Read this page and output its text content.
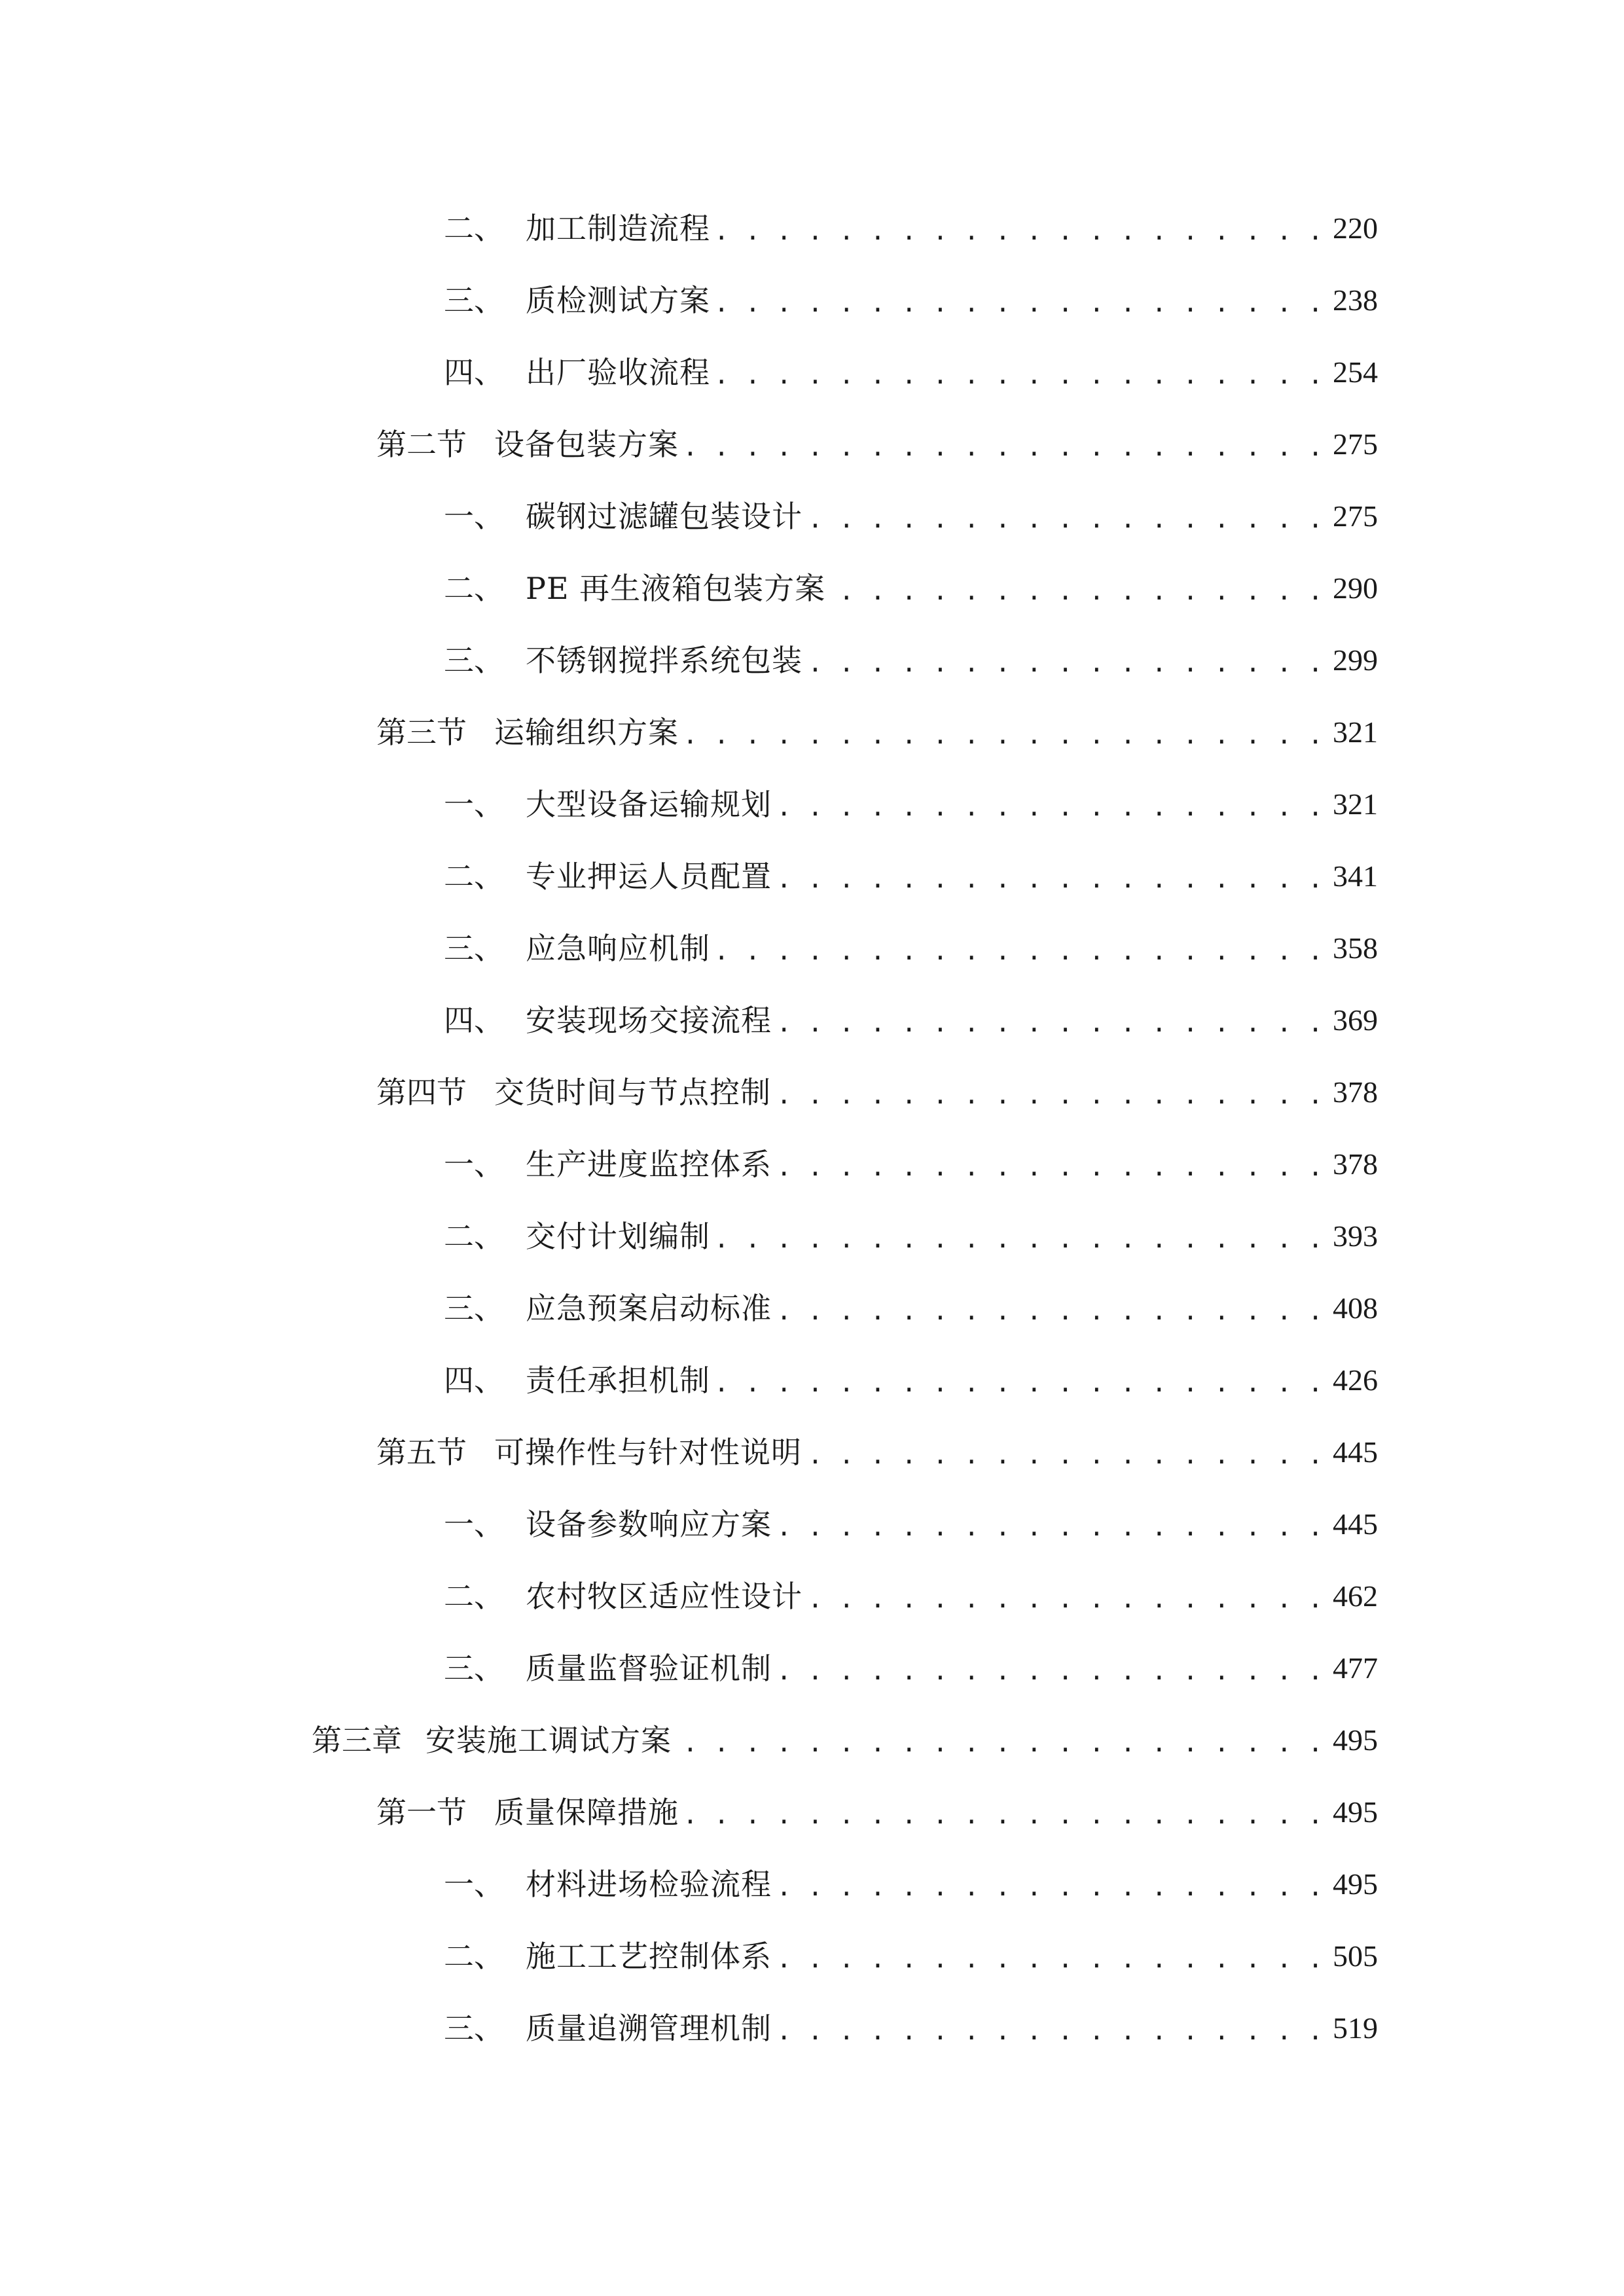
二、 加工制造流程 . . .	220
三、 质检测试方案 . . .	238
四、 出厂验收流程 . . .	254
第二节 设备包装方案 . . .	275
一、 碳钢过滤罐包装设计 . . .	275
二、 PE 再生液箱包装方案 . . .	290
三、 不锈钢搅拌系统包装 . . .	299
第三节 运输组织方案 . . .	321
一、 大型设备运输规划 . . .	321
二、 专业押运人员配置 . . .	341
三、 应急响应机制 . . .	358
四、 安装现场交接流程 . . .	369
第四节 交货时间与节点控制 . . .	378
一、 生产进度监控体系 . . .	378
二、 交付计划编制 . . .	393
三、 应急预案启动标准 . . .	408
四、 责任承担机制 . . .	426
第五节 可操作性与针对性说明 . . .	445
一、 设备参数响应方案 . . .	445
二、 农村牧区适应性设计 . . .	462
三、 质量监督验证机制 . . .	477
第三章 安装施工调试方案 . . .	495
第一节 质量保障措施 . . .	495
一、 材料进场检验流程 . . .	495
二、 施工工艺控制体系 . . .	505
三、 质量追溯管理机制 . . .	519
